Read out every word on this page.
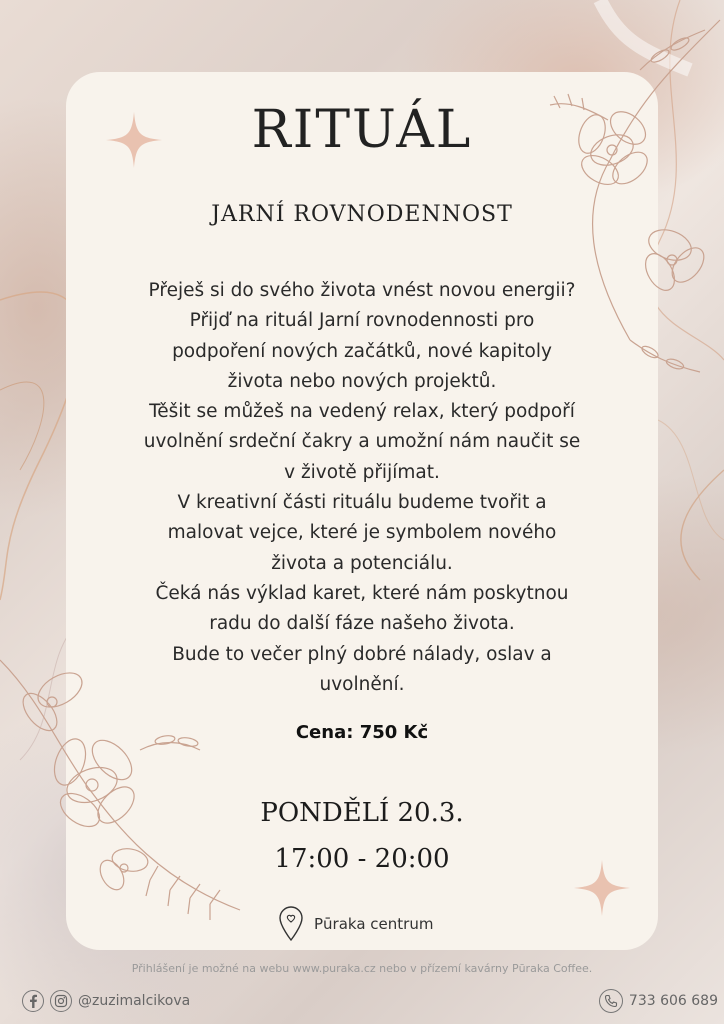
RITUÁL
JARNÍ ROVNODENNOST
Přeješ si do svého života vnést novou energii?
Přijď na rituál Jarní rovnodennosti pro
podpoření nových začátků, nové kapitoly
života nebo nových projektů.
Těšit se můžeš na vedený relax, který podpoří
uvolnění srdeční čakry a umožní nám naučit se
v životě přijímat.
V kreativní části rituálu budeme tvořit a
malovat vejce, které je symbolem nového
života a potenciálu.
Čeká nás výklad karet, které nám poskytnou
radu do další fáze našeho života.
Bude to večer plný dobré nálady, oslav a
uvolnění.
Cena: 750 Kč
PONDĚLÍ 20.3.
17:00 - 20:00
Pūraka centrum
Přihlášení je možné na webu www.puraka.cz nebo v přízemí kavárny Pūraka Coffee.
@zuzimalcikova	733 606 689
